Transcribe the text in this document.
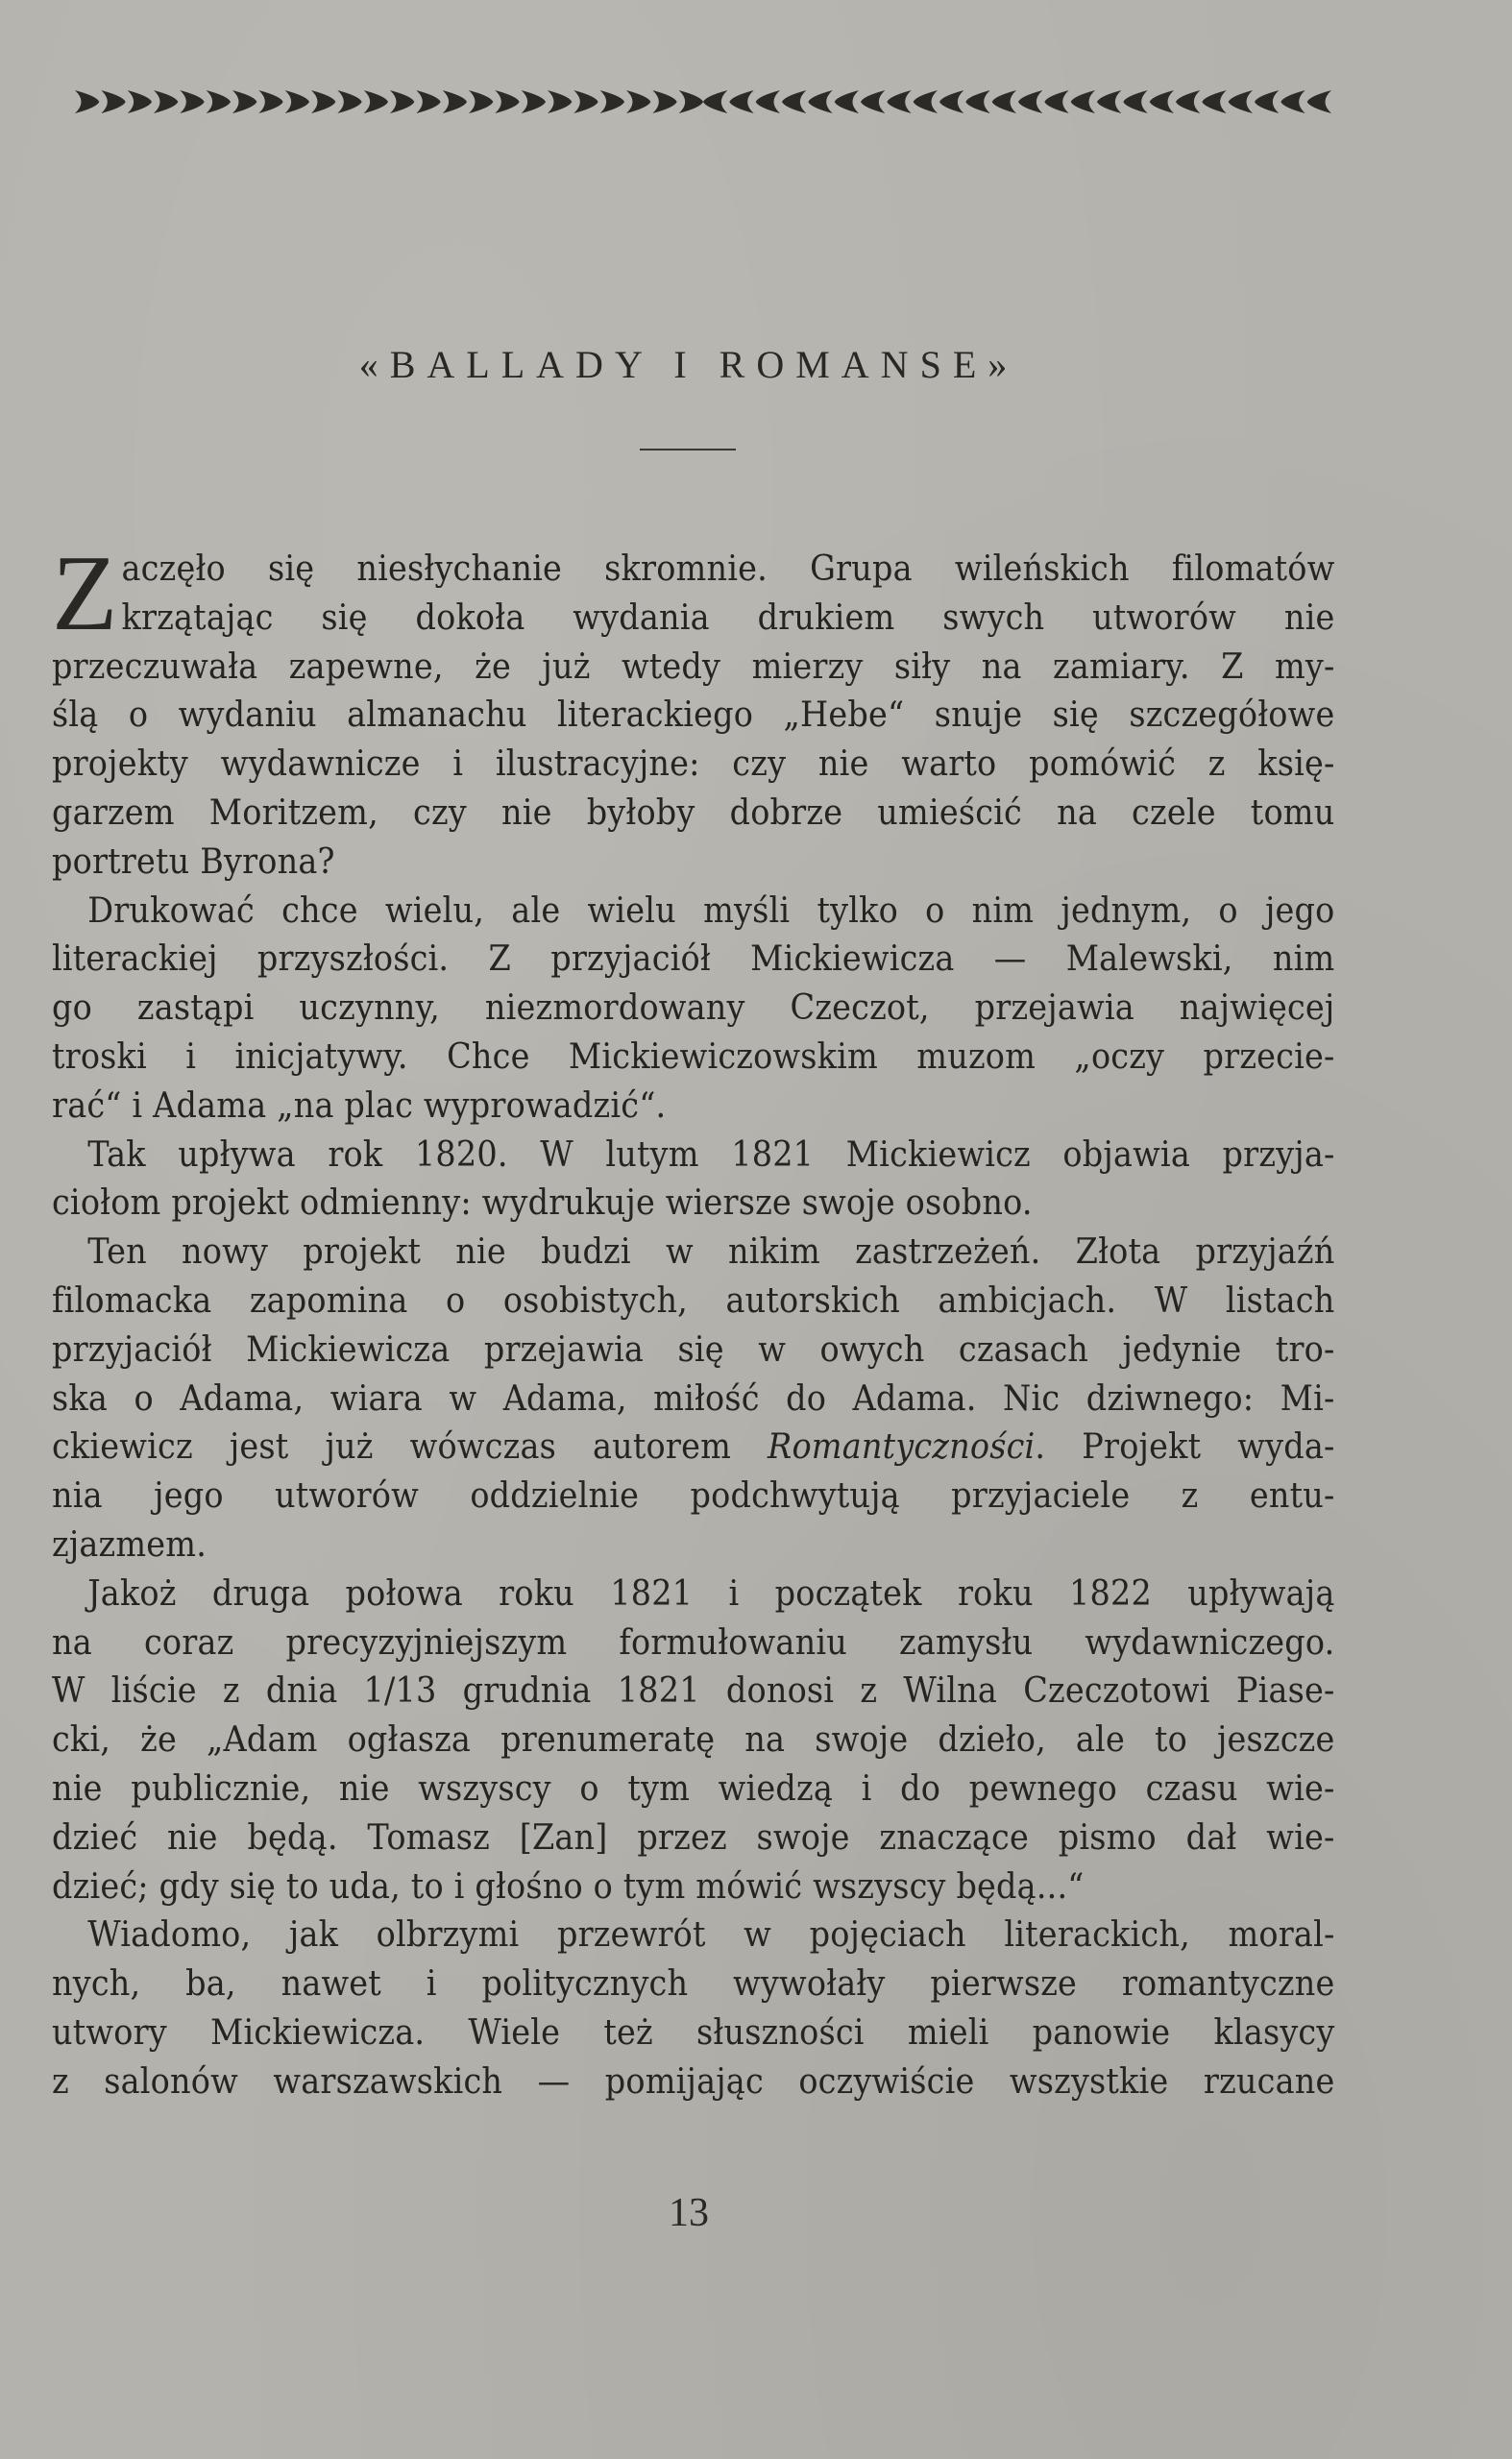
«BALLADY I ROMANSE»
Z aczęło się niesłychanie skromnie. Grupa wileńskich filomatów
krzątając się dokoła wydania drukiem swych utworów nie
przeczuwała zapewne, że już wtedy mierzy siły na zamiary. Z my-
ślą o wydaniu almanachu literackiego „Hebe“ snuje się szczegółowe
projekty wydawnicze i ilustracyjne: czy nie warto pomówić z księ-
garzem Moritzem, czy nie byłoby dobrze umieścić na czele tomu
portretu Byrona?
Drukować chce wielu, ale wielu myśli tylko o nim jednym, o jego
literackiej przyszłości. Z przyjaciół Mickiewicza — Malewski, nim
go zastąpi uczynny, niezmordowany Czeczot, przejawia najwięcej
troski i inicjatywy. Chce Mickiewiczowskim muzom „oczy przecie-
rać“ i Adama „na plac wyprowadzić“.
Tak upływa rok 1820. W lutym 1821 Mickiewicz objawia przyja-
ciołom projekt odmienny: wydrukuje wiersze swoje osobno.
Ten nowy projekt nie budzi w nikim zastrzeżeń. Złota przyjaźń
filomacka zapomina o osobistych, autorskich ambicjach. W listach
przyjaciół Mickiewicza przejawia się w owych czasach jedynie tro-
ska o Adama, wiara w Adama, miłość do Adama. Nic dziwnego: Mi-
ckiewicz jest już wówczas autorem Romantyczności. Projekt wyda-
nia jego utworów oddzielnie podchwytują przyjaciele z entu-
zjazmem.
Jakoż druga połowa roku 1821 i początek roku 1822 upływają
na coraz precyzyjniejszym formułowaniu zamysłu wydawniczego.
W liście z dnia 1/13 grudnia 1821 donosi z Wilna Czeczotowi Piase-
cki, że „Adam ogłasza prenumeratę na swoje dzieło, ale to jeszcze
nie publicznie, nie wszyscy o tym wiedzą i do pewnego czasu wie-
dzieć nie będą. Tomasz [Zan] przez swoje znaczące pismo dał wie-
dzieć; gdy się to uda, to i głośno o tym mówić wszyscy będą...“
Wiadomo, jak olbrzymi przewrót w pojęciach literackich, moral-
nych, ba, nawet i politycznych wywołały pierwsze romantyczne
utwory Mickiewicza. Wiele też słuszności mieli panowie klasycy
z salonów warszawskich — pomijając oczywiście wszystkie rzucane
13
